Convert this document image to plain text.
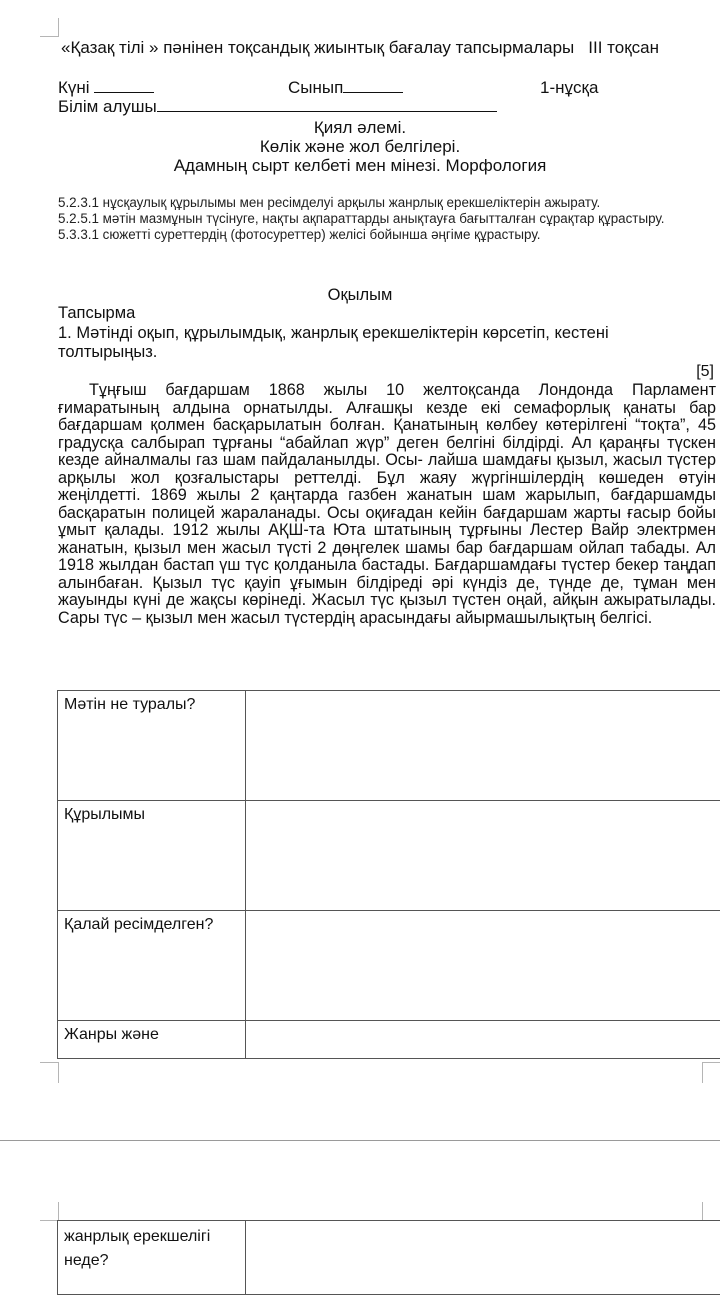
«Қазақ тілі » пәнінен тоқсандық жиынтық бағалау тапсырмалары ІІІ тоқсан
Күні	Сынып	1-нұсқа
Білім алушы
Қиял әлемі.
Көлік және жол белгілері.
Адамның сырт келбеті мен мінезі. Морфология
5.2.3.1 нұсқаулық құрылымы мен ресімделуі арқылы жанрлық ерекшеліктерін ажырату.
5.2.5.1 мәтін мазмұнын түсінуге, нақты ақпараттарды анықтауға бағытталған сұрақтар құрастыру.
5.3.3.1 сюжетті суреттердің (фотосуреттер) желісі бойынша әңгіме құрастыру.
Оқылым
Тапсырма
1. Мәтінді оқып, құрылымдық, жанрлық ерекшеліктерін көрсетіп, кестені толтырыңыз.
[5]
Тұңғыш бағдаршам 1868 жылы 10 желтоқсанда Лондонда Парламент ғимаратының алдына орнатылды. Алғашқы кезде екі семафорлық қанаты бар бағдаршам қолмен басқарылатын болған. Қанатының көлбеу көтерілгені “тоқта”, 45 градусқа салбырап тұрғаны “абайлап жүр” деген белгіні білдірді. Ал қараңғы түскен кезде айналмалы газ шам пайдаланылды. Осы- лайша шамдағы қызыл, жасыл түстер арқылы жол қозғалыстары реттелді. Бұл жаяу жүргіншілердің көшеден өтуін жеңілдетті. 1869 жылы 2 қаңтарда газбен жанатын шам жарылып, бағдаршамды басқаратын полицей жараланады. Осы оқиғадан кейін бағдаршам жарты ғасыр бойы ұмыт қалады. 1912 жылы АҚШ-та Юта штатының тұрғыны Лестер Вайр электрмен жанатын, қызыл мен жасыл түсті 2 дөңгелек шамы бар бағдаршам ойлап табады. Ал 1918 жылдан бастап үш түс қолданыла бастады. Бағдаршамдағы түстер бекер таңдап алынбаған. Қызыл түс қауіп ұғымын білдіреді әрі күндіз де, түнде де, тұман мен жауынды күні де жақсы көрінеді. Жасыл түс қызыл түстен оңай, айқын ажыратылады. Сары түс – қызыл мен жасыл түстердің арасындағы айырмашылықтың белгісі.
Мәтін не туралы?	
Құрылымы	
Қалай ресімделген?	
Жанры және	
жанрлық ерекшелігі неде?	
